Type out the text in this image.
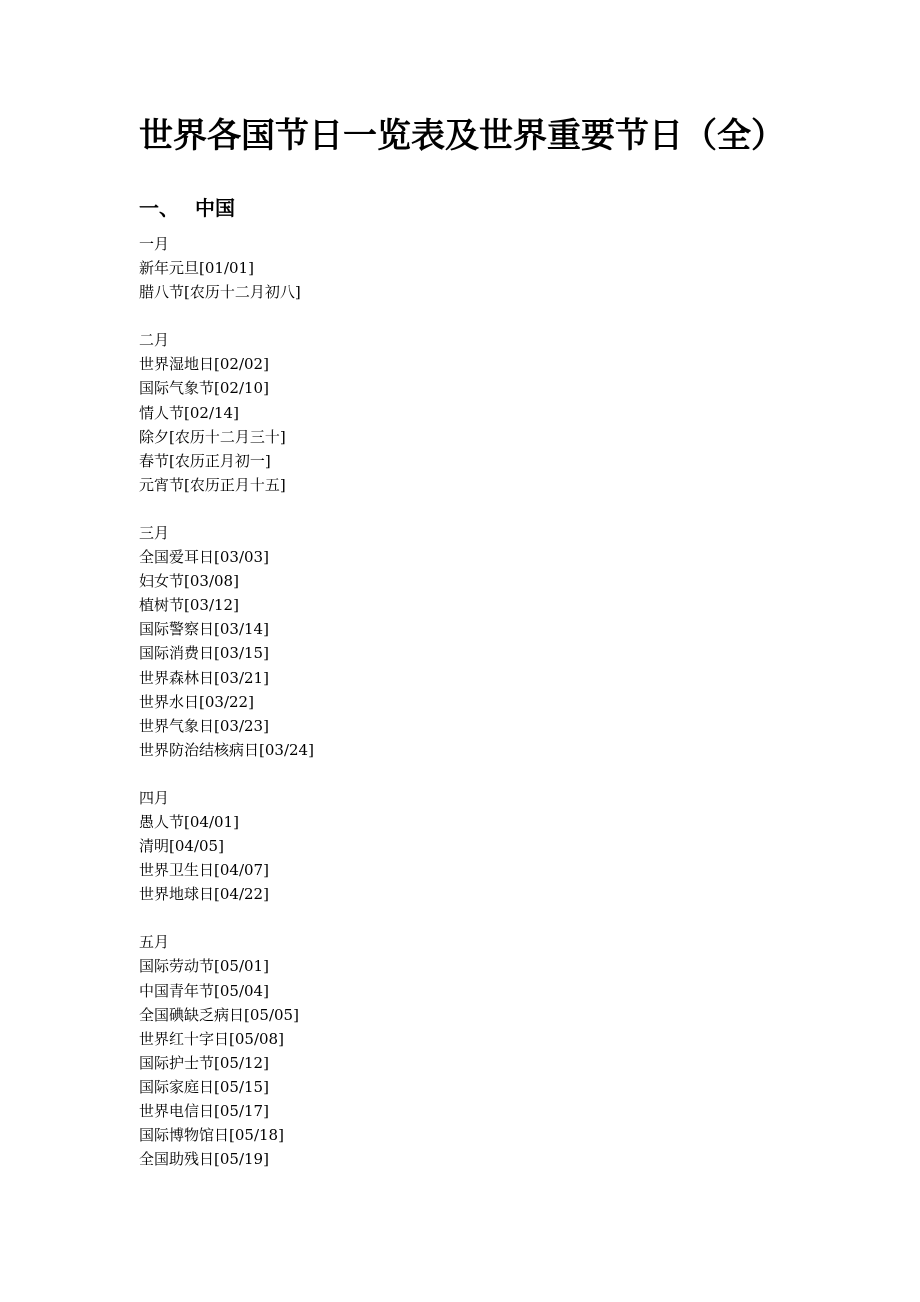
世界各国节日一览表及世界重要节日（全）
一、 中国
一月
新年元旦[01/01]
腊八节[农历十二月初八]
二月
世界湿地日[02/02]
国际气象节[02/10]
情人节[02/14]
除夕[农历十二月三十]
春节[农历正月初一]
元宵节[农历正月十五]
三月
全国爱耳日[03/03]
妇女节[03/08]
植树节[03/12]
国际警察日[03/14]
国际消费日[03/15]
世界森林日[03/21]
世界水日[03/22]
世界气象日[03/23]
世界防治结核病日[03/24]
四月
愚人节[04/01]
清明[04/05]
世界卫生日[04/07]
世界地球日[04/22]
五月
国际劳动节[05/01]
中国青年节[05/04]
全国碘缺乏病日[05/05]
世界红十字日[05/08]
国际护士节[05/12]
国际家庭日[05/15]
世界电信日[05/17]
国际博物馆日[05/18]
全国助残日[05/19]
